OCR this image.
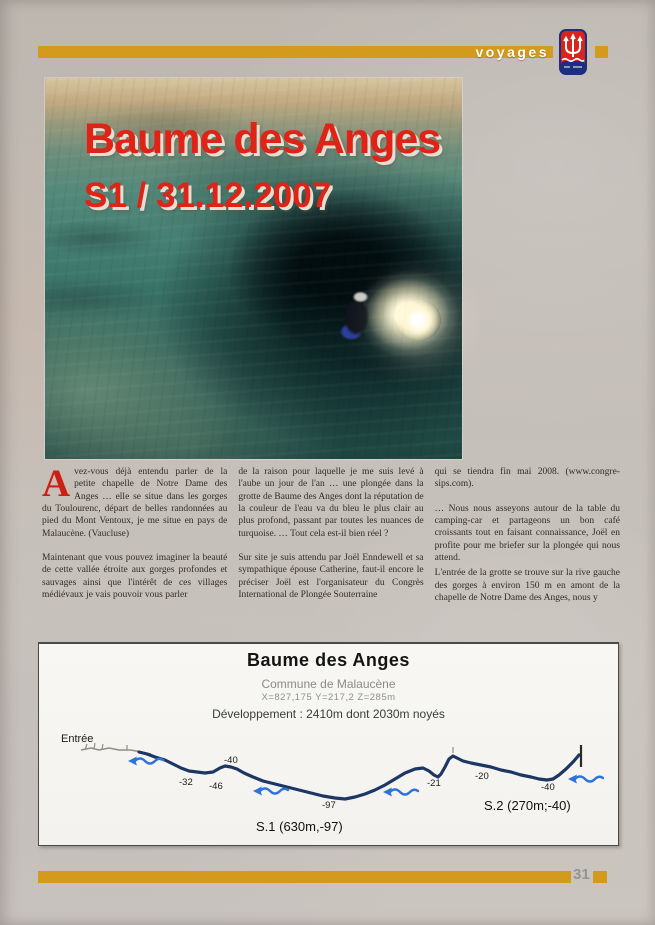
voyages
Baume des Anges
S1 / 31.12.2007

Avez-vous déjà entendu parler de la petite chapelle de Notre Dame des Anges … elle se situe dans les gorges du Toulourenc, départ de belles randonnées au pied du Mont Ventoux, je me situe en pays de Malaucène. (Vaucluse)

Maintenant que vous pouvez imaginer la beauté de cette vallée étroite aux gorges profondes et sauvages ainsi que l'intérêt de ces villages médiévaux je vais pouvoir vous parler

de la raison pour laquelle je me suis levé à l'aube un jour de l'an … une plongée dans la grotte de Baume des Anges dont la réputation de la couleur de l'eau va du bleu le plus clair au plus profond, passant par toutes les nuances de turquoise. … Tout cela est-il bien réel ?

Sur site je suis attendu par Joël Enndewell et sa sympathique épouse Catherine, faut-il encore le préciser Joël est l'organisateur du Congrès International de Plongée Souterraine

qui se tiendra fin mai 2008. (www.congre-sips.com).

… Nous nous asseyons autour de la table du camping-car et partageons un bon café croissants tout en faisant connaissance, Joël en profite pour me briefer sur la plongée qui nous attend.

L'entrée de la grotte se trouve sur la rive gauche des gorges à environ 150 m en amont de la chapelle de Notre Dame des Anges, nous y

Baume des Anges
Commune de Malaucène
X=827,175 Y=217,2 Z=285m
Développement : 2410m dont 2030m noyés
Entrée
-32 -46
-40
-97
-21
-20
-40
S.1 (630m,-97)
S.2 (270m;-40)
31
